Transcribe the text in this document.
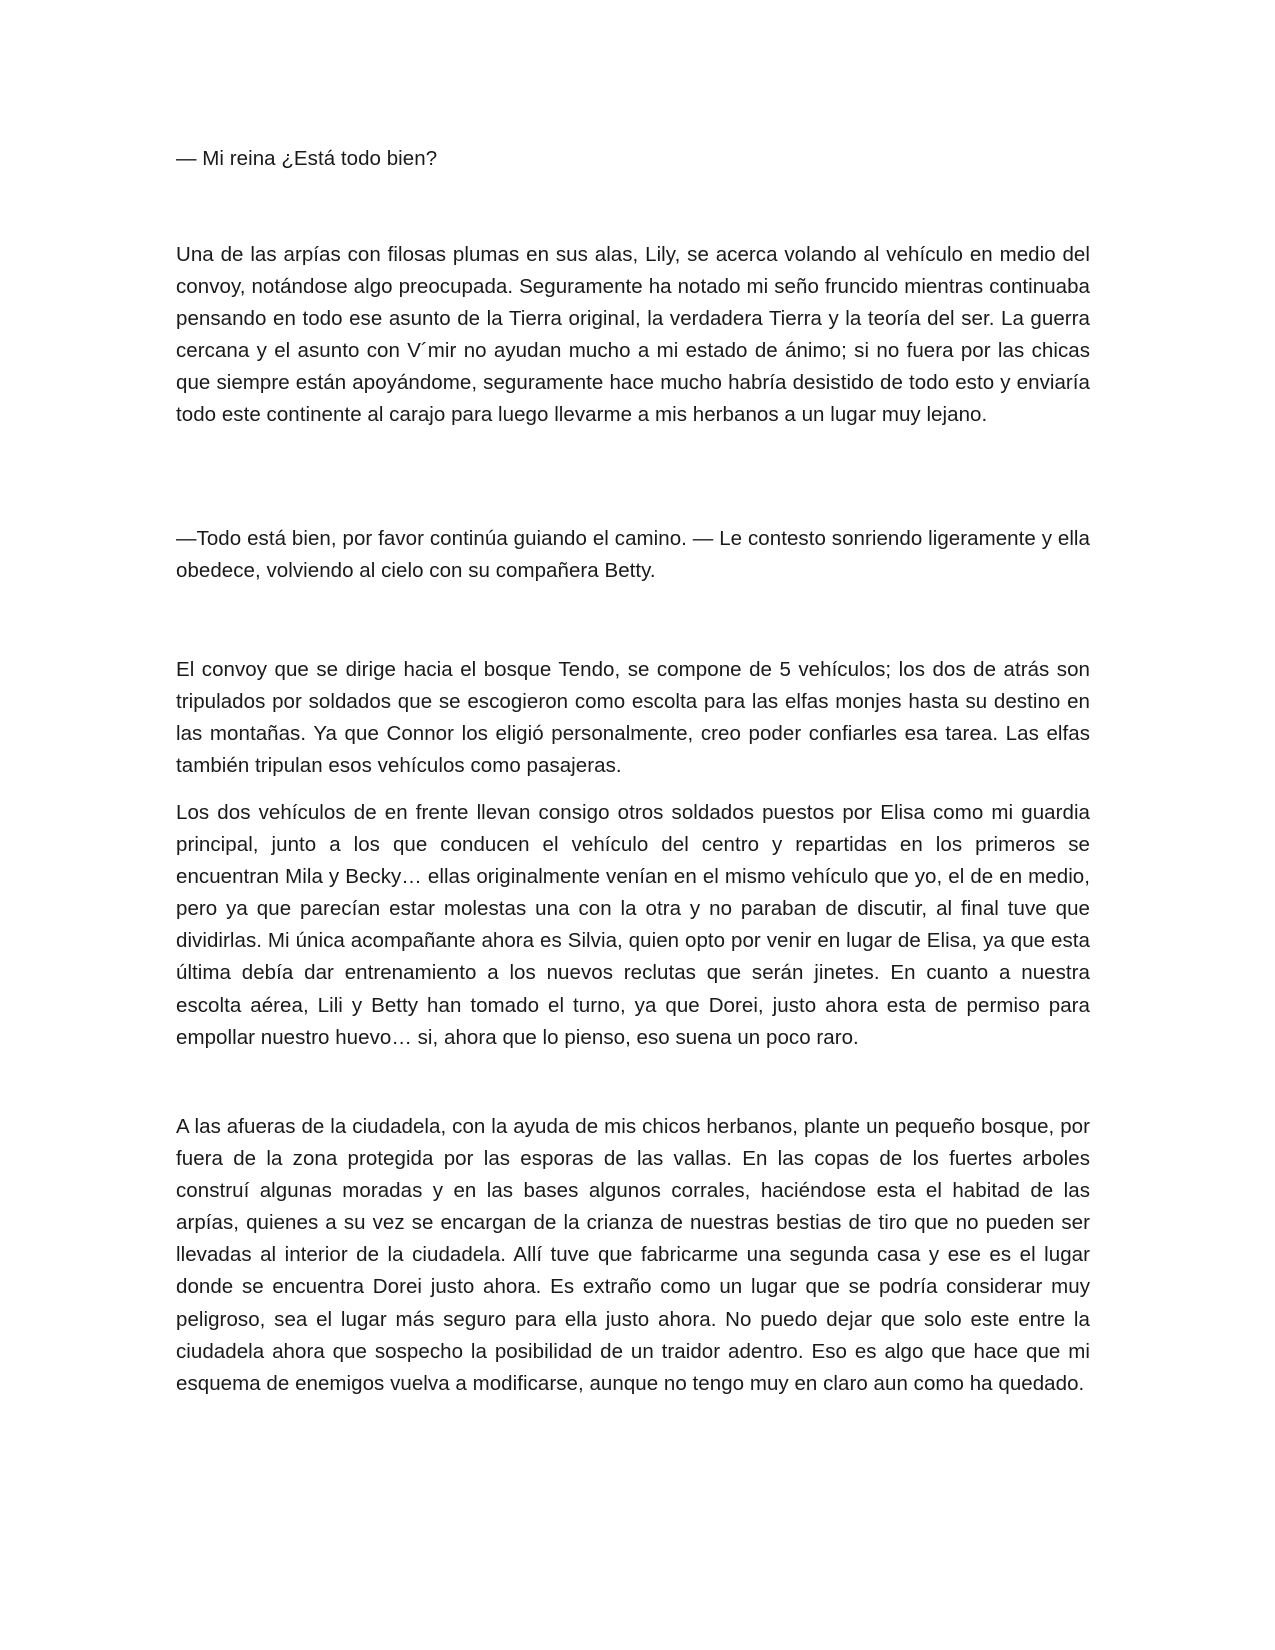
— Mi reina ¿Está todo bien?

Una de las arpías con filosas plumas en sus alas, Lily, se acerca volando al vehículo en medio del convoy, notándose algo preocupada. Seguramente ha notado mi seño fruncido mientras continuaba pensando en todo ese asunto de la Tierra original, la verdadera Tierra y la teoría del ser. La guerra cercana y el asunto con V´mir no ayudan mucho a mi estado de ánimo; si no fuera por las chicas que siempre están apoyándome, seguramente hace mucho habría desistido de todo esto y enviaría todo este continente al carajo para luego llevarme a mis herbanos a un lugar muy lejano.

—Todo está bien, por favor continúa guiando el camino. — Le contesto sonriendo ligeramente y ella obedece, volviendo al cielo con su compañera Betty.

El convoy que se dirige hacia el bosque Tendo, se compone de 5 vehículos; los dos de atrás son tripulados por soldados que se escogieron como escolta para las elfas monjes hasta su destino en las montañas. Ya que Connor los eligió personalmente, creo poder confiarles esa tarea. Las elfas también tripulan esos vehículos como pasajeras.

Los dos vehículos de en frente llevan consigo otros soldados puestos por Elisa como mi guardia principal, junto a los que conducen el vehículo del centro y repartidas en los primeros se encuentran Mila y Becky… ellas originalmente venían en el mismo vehículo que yo, el de en medio, pero ya que parecían estar molestas una con la otra y no paraban de discutir, al final tuve que dividirlas. Mi única acompañante ahora es Silvia, quien opto por venir en lugar de Elisa, ya que esta última debía dar entrenamiento a los nuevos reclutas que serán jinetes. En cuanto a nuestra escolta aérea, Lili y Betty han tomado el turno, ya que Dorei, justo ahora esta de permiso para empollar nuestro huevo… si, ahora que lo pienso, eso suena un poco raro.

A las afueras de la ciudadela, con la ayuda de mis chicos herbanos, plante un pequeño bosque, por fuera de la zona protegida por las esporas de las vallas. En las copas de los fuertes arboles construí algunas moradas y en las bases algunos corrales, haciéndose esta el habitad de las arpías, quienes a su vez se encargan de la crianza de nuestras bestias de tiro que no pueden ser llevadas al interior de la ciudadela. Allí tuve que fabricarme una segunda casa y ese es el lugar donde se encuentra Dorei justo ahora. Es extraño como un lugar que se podría considerar muy peligroso, sea el lugar más seguro para ella justo ahora. No puedo dejar que solo este entre la ciudadela ahora que sospecho la posibilidad de un traidor adentro. Eso es algo que hace que mi esquema de enemigos vuelva a modificarse, aunque no tengo muy en claro aun como ha quedado.
